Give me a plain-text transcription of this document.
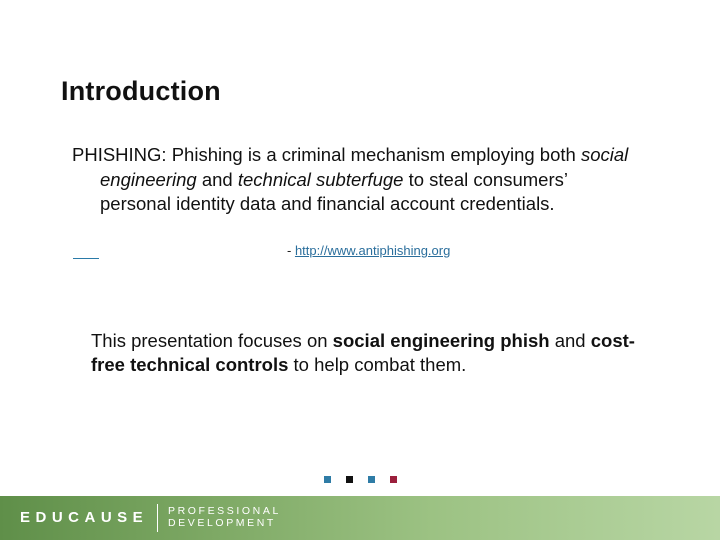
Introduction
PHISHING: Phishing is a criminal mechanism employing both social engineering and technical subterfuge to steal consumers’ personal identity data and financial account credentials.
- http://www.antiphishing.org
This presentation focuses on social engineering phish and cost-free technical controls to help combat them.
EDUCAUSE PROFESSIONAL
DEVELOPMENT
